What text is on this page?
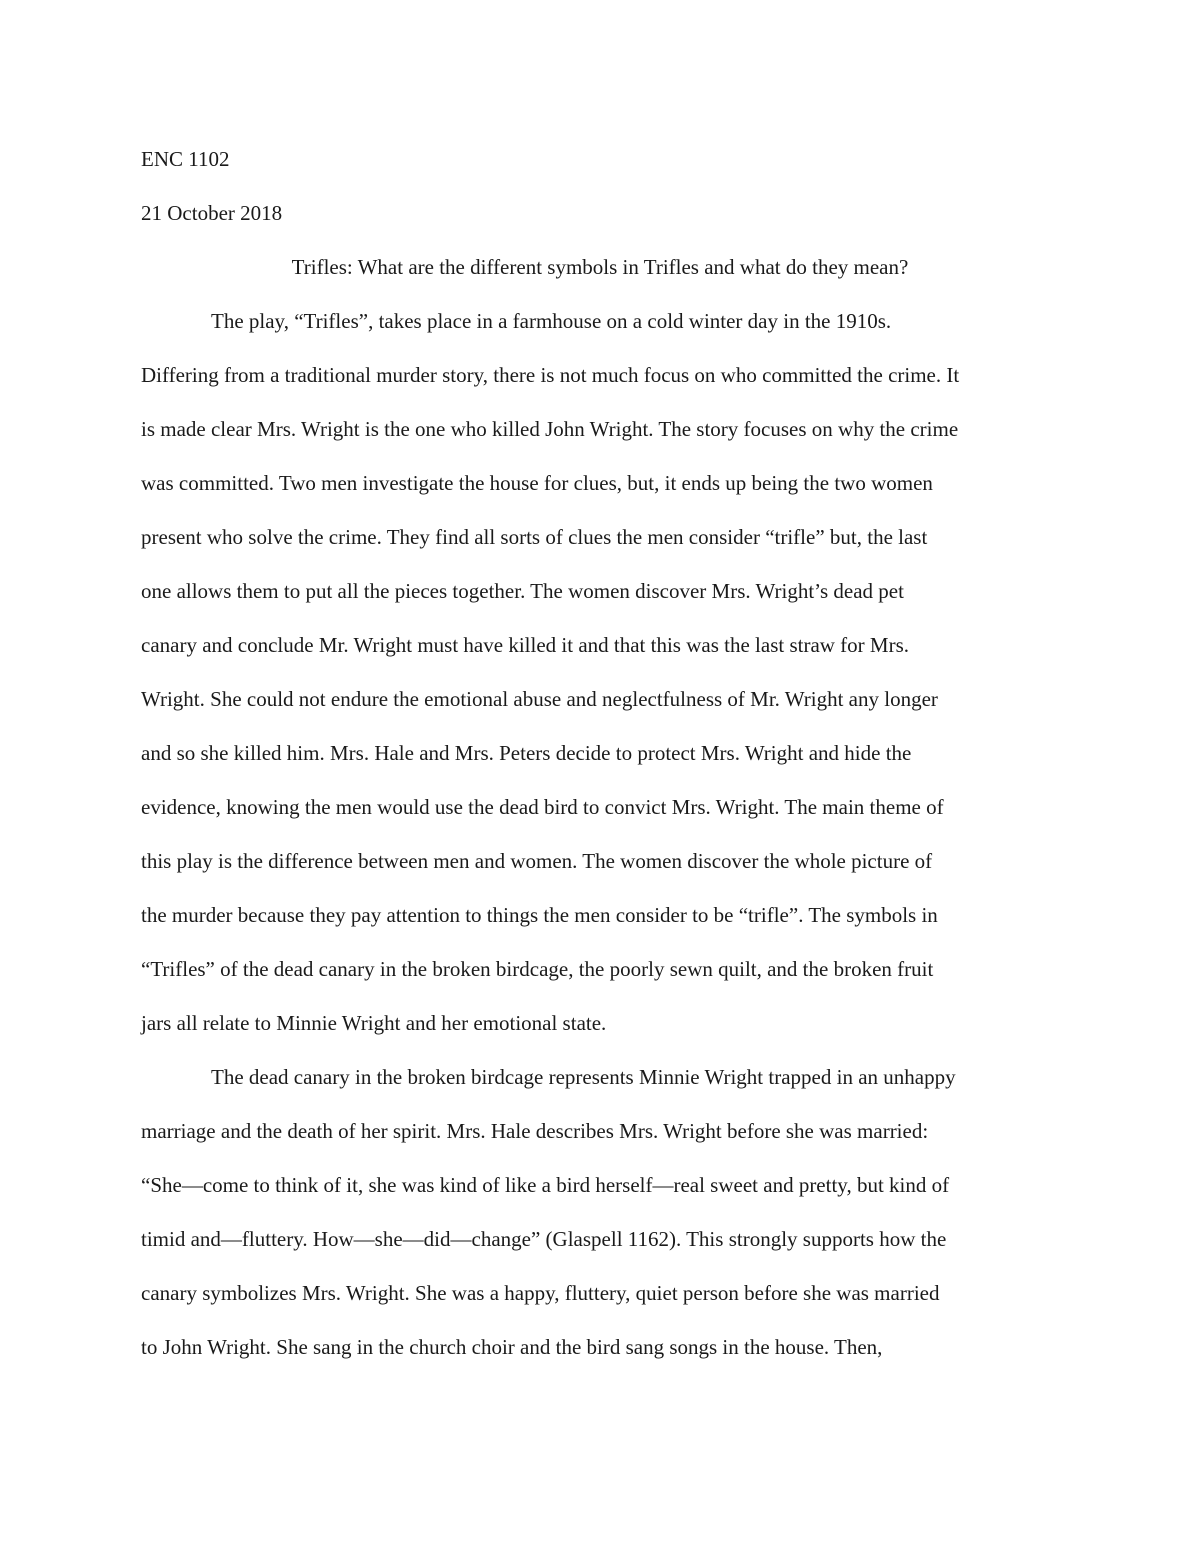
ENC 1102
21 October 2018
Trifles: What are the different symbols in Trifles and what do they mean?
The play, “Trifles”, takes place in a farmhouse on a cold winter day in the 1910s.
Differing from a traditional murder story, there is not much focus on who committed the crime. It
is made clear Mrs. Wright is the one who killed John Wright. The story focuses on why the crime
was committed. Two men investigate the house for clues, but, it ends up being the two women
present who solve the crime. They find all sorts of clues the men consider “trifle” but, the last
one allows them to put all the pieces together. The women discover Mrs. Wright’s dead pet
canary and conclude Mr. Wright must have killed it and that this was the last straw for Mrs.
Wright. She could not endure the emotional abuse and neglectfulness of Mr. Wright any longer
and so she killed him. Mrs. Hale and Mrs. Peters decide to protect Mrs. Wright and hide the
evidence, knowing the men would use the dead bird to convict Mrs. Wright. The main theme of
this play is the difference between men and women. The women discover the whole picture of
the murder because they pay attention to things the men consider to be “trifle”. The symbols in
“Trifles” of the dead canary in the broken birdcage, the poorly sewn quilt, and the broken fruit
jars all relate to Minnie Wright and her emotional state.
The dead canary in the broken birdcage represents Minnie Wright trapped in an unhappy
marriage and the death of her spirit. Mrs. Hale describes Mrs. Wright before she was married:
“She—come to think of it, she was kind of like a bird herself—real sweet and pretty, but kind of
timid and—fluttery. How—she—did—change” (Glaspell 1162). This strongly supports how the
canary symbolizes Mrs. Wright. She was a happy, fluttery, quiet person before she was married
to John Wright. She sang in the church choir and the bird sang songs in the house. Then,
